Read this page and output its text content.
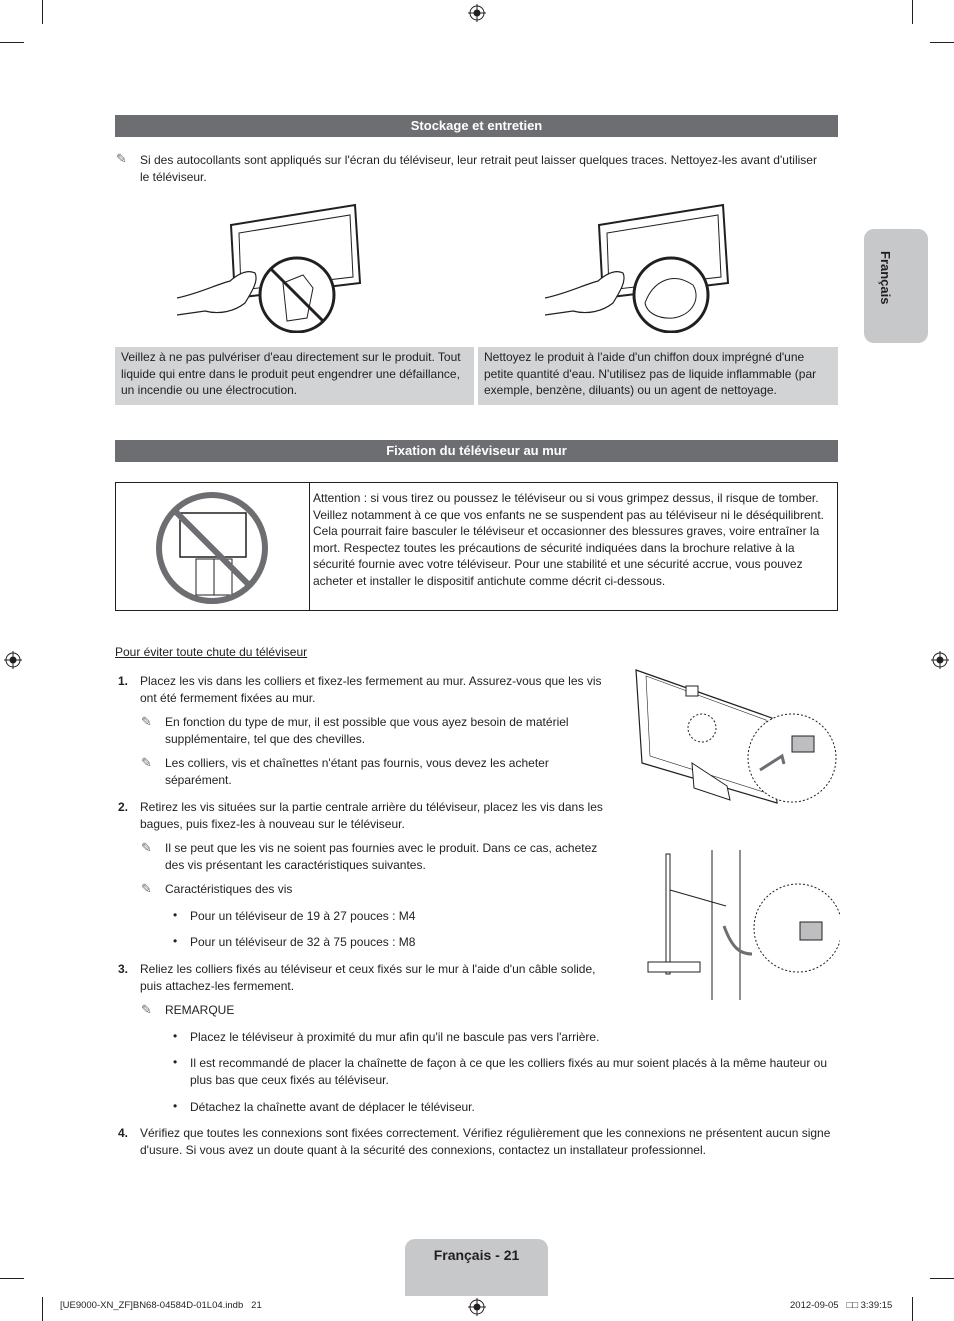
Français
Stockage et entretien
✎ Si des autocollants sont appliqués sur l'écran du téléviseur, leur retrait peut laisser quelques traces. Nettoyez-les avant d'utiliser le téléviseur.
Veillez à ne pas pulvériser d'eau directement sur le produit. Tout liquide qui entre dans le produit peut engendrer une défaillance, un incendie ou une électrocution.
Nettoyez le produit à l'aide d'un chiffon doux imprégné d'une petite quantité d'eau. N'utilisez pas de liquide inflammable (par exemple, benzène, diluants) ou un agent de nettoyage.
Fixation du téléviseur au mur
Attention : si vous tirez ou poussez le téléviseur ou si vous grimpez dessus, il risque de tomber. Veillez notamment à ce que vos enfants ne se suspendent pas au téléviseur ni le déséquilibrent. Cela pourrait faire basculer le téléviseur et occasionner des blessures graves, voire entraîner la mort. Respectez toutes les précautions de sécurité indiquées dans la brochure relative à la sécurité fournie avec votre téléviseur. Pour une stabilité et une sécurité accrue, vous pouvez acheter et installer le dispositif antichute comme décrit ci-dessous.
Pour éviter toute chute du téléviseur
1. Placez les vis dans les colliers et fixez-les fermement au mur. Assurez-vous que les vis ont été fermement fixées au mur.
✎ En fonction du type de mur, il est possible que vous ayez besoin de matériel supplémentaire, tel que des chevilles.
✎ Les colliers, vis et chaînettes n'étant pas fournis, vous devez les acheter séparément.
2. Retirez les vis situées sur la partie centrale arrière du téléviseur, placez les vis dans les bagues, puis fixez-les à nouveau sur le téléviseur.
✎ Il se peut que les vis ne soient pas fournies avec le produit. Dans ce cas, achetez des vis présentant les caractéristiques suivantes.
✎ Caractéristiques des vis
• Pour un téléviseur de 19 à 27 pouces : M4
• Pour un téléviseur de 32 à 75 pouces : M8
3. Reliez les colliers fixés au téléviseur et ceux fixés sur le mur à l'aide d'un câble solide, puis attachez-les fermement.
✎ REMARQUE
• Placez le téléviseur à proximité du mur afin qu'il ne bascule pas vers l'arrière.
• Il est recommandé de placer la chaînette de façon à ce que les colliers fixés au mur soient placés à la même hauteur ou plus bas que ceux fixés au téléviseur.
• Détachez la chaînette avant de déplacer le téléviseur.
4. Vérifiez que toutes les connexions sont fixées correctement. Vérifiez régulièrement que les connexions ne présentent aucun signe d'usure. Si vous avez un doute quant à la sécurité des connexions, contactez un installateur professionnel.
Français - 21
[UE9000-XN_ZF]BN68-04584D-01L04.indb   21	2012-09-05   □□ 3:39:15
